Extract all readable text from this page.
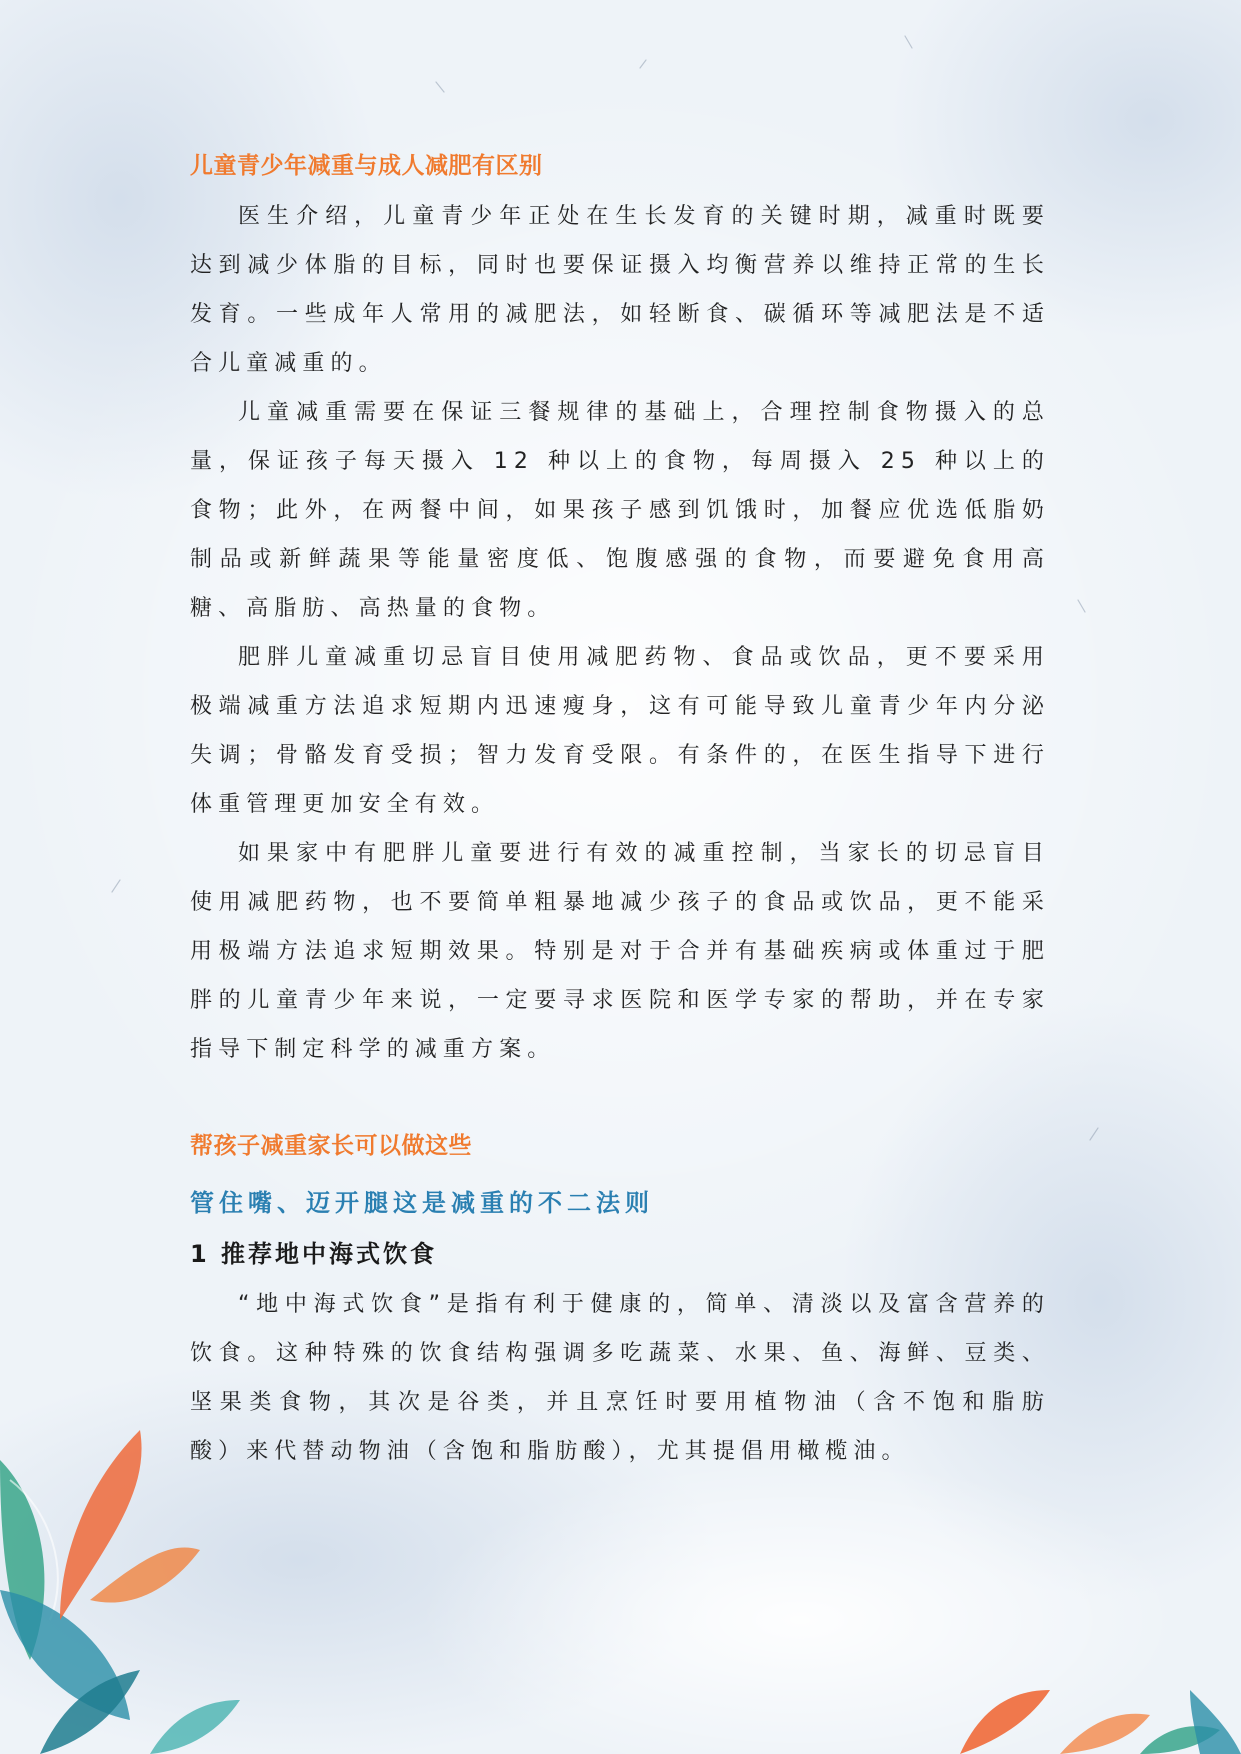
儿童青少年减重与成人减肥有区别

医生介绍，儿童青少年正处在生长发育的关键时期，减重时既要达到减少体脂的目标，同时也要保证摄入均衡营养以维持正常的生长发育。一些成年人常用的减肥法，如轻断食、碳循环等减肥法是不适合儿童减重的。

儿童减重需要在保证三餐规律的基础上，合理控制食物摄入的总量，保证孩子每天摄入 12 种以上的食物，每周摄入 25 种以上的食物；此外，在两餐中间，如果孩子感到饥饿时，加餐应优选低脂奶制品或新鲜蔬果等能量密度低、饱腹感强的食物，而要避免食用高糖、高脂肪、高热量的食物。

肥胖儿童减重切忌盲目使用减肥药物、食品或饮品，更不要采用极端减重方法追求短期内迅速瘦身，这有可能导致儿童青少年内分泌失调；骨骼发育受损；智力发育受限。有条件的，在医生指导下进行体重管理更加安全有效。

如果家中有肥胖儿童要进行有效的减重控制，当家长的切忌盲目使用减肥药物，也不要简单粗暴地减少孩子的食品或饮品，更不能采用极端方法追求短期效果。特别是对于合并有基础疾病或体重过于肥胖的儿童青少年来说，一定要寻求医院和医学专家的帮助，并在专家指导下制定科学的减重方案。

帮孩子减重家长可以做这些
管住嘴、迈开腿这是减重的不二法则
1 推荐地中海式饮食

“地中海式饮食”是指有利于健康的，简单、清淡以及富含营养的饮食。这种特殊的饮食结构强调多吃蔬菜、水果、鱼、海鲜、豆类、坚果类食物，其次是谷类，并且烹饪时要用植物油（含不饱和脂肪酸）来代替动物油（含饱和脂肪酸），尤其提倡用橄榄油。
